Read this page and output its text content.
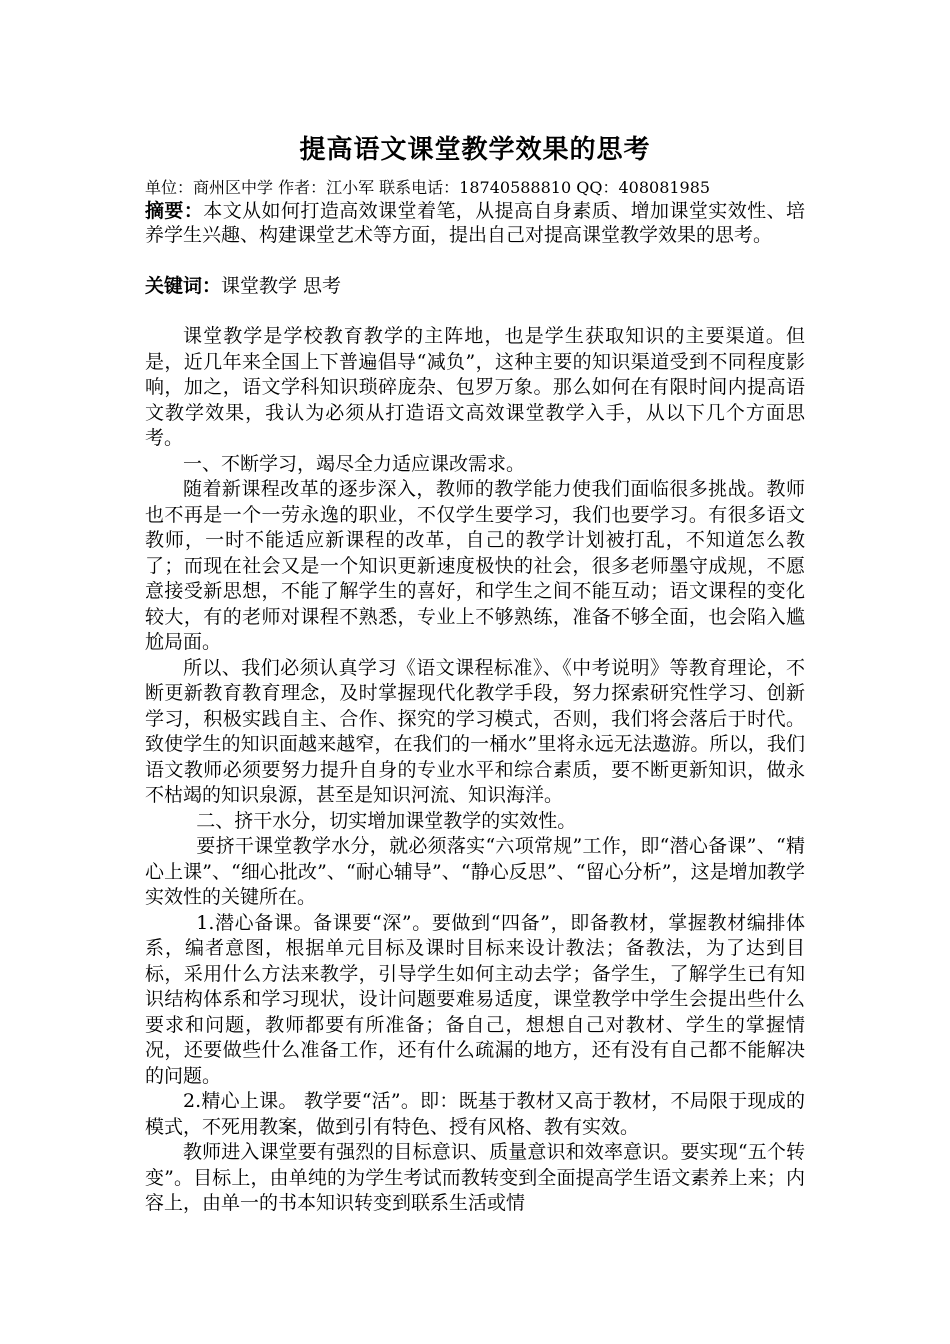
提高语文课堂教学效果的思考
单位：商州区中学 作者：江小军 联系电话：18740588810 QQ：408081985
摘要：本文从如何打造高效课堂着笔，从提高自身素质、增加课堂实效性、培养学生兴趣、构建课堂艺术等方面，提出自己对提高课堂教学效果的思考。
关键词：课堂教学 思考

课堂教学是学校教育教学的主阵地，也是学生获取知识的主要渠道。但是，近几年来全国上下普遍倡导“减负”，这种主要的知识渠道受到不同程度影响，加之，语文学科知识琐碎庞杂、包罗万象。那么如何在有限时间内提高语文教学效果，我认为必须从打造语文高效课堂教学入手，从以下几个方面思考。

一、不断学习，竭尽全力适应课改需求。

随着新课程改革的逐步深入，教师的教学能力使我们面临很多挑战。教师也不再是一个一劳永逸的职业，不仅学生要学习，我们也要学习。有很多语文教师，一时不能适应新课程的改革，自己的教学计划被打乱，不知道怎么教了；而现在社会又是一个知识更新速度极快的社会，很多老师墨守成规，不愿意接受新思想，不能了解学生的喜好，和学生之间不能互动；语文课程的变化较大，有的老师对课程不熟悉，专业上不够熟练，准备不够全面，也会陷入尴尬局面。

所以、我们必须认真学习《语文课程标准》、《中考说明》等教育理论，不断更新教育教育理念，及时掌握现代化教学手段，努力探索研究性学习、创新学习，积极实践自主、合作、探究的学习模式，否则，我们将会落后于时代。致使学生的知识面越来越窄，在我们的一桶水”里将永远无法遨游。所以，我们语文教师必须要努力提升自身的专业水平和综合素质，要不断更新知识，做永不枯竭的知识泉源，甚至是知识河流、知识海洋。

二、挤干水分，切实增加课堂教学的实效性。

要挤干课堂教学水分，就必须落实“六项常规”工作，即“潜心备课”、“精心上课”、“细心批改”、“耐心辅导”、“静心反思”、“留心分析”，这是增加教学实效性的关键所在。

1.潜心备课。备课要“深”。要做到“四备”，即备教材，掌握教材编排体系，编者意图，根据单元目标及课时目标来设计教法；备教法，为了达到目标，采用什么方法来教学，引导学生如何主动去学；备学生，了解学生已有知识结构体系和学习现状，设计问题要难易适度，课堂教学中学生会提出些什么要求和问题，教师都要有所准备；备自己，想想自己对教材、学生的掌握情况，还要做些什么准备工作，还有什么疏漏的地方，还有没有自己都不能解决的问题。

2.精心上课。 教学要“活”。即：既基于教材又高于教材，不局限于现成的模式，不死用教案，做到引有特色、授有风格、教有实效。

教师进入课堂要有强烈的目标意识、质量意识和效率意识。要实现“五个转变”。目标上，由单纯的为学生考试而教转变到全面提高学生语文素养上来；内容上，由单一的书本知识转变到联系生活或情
